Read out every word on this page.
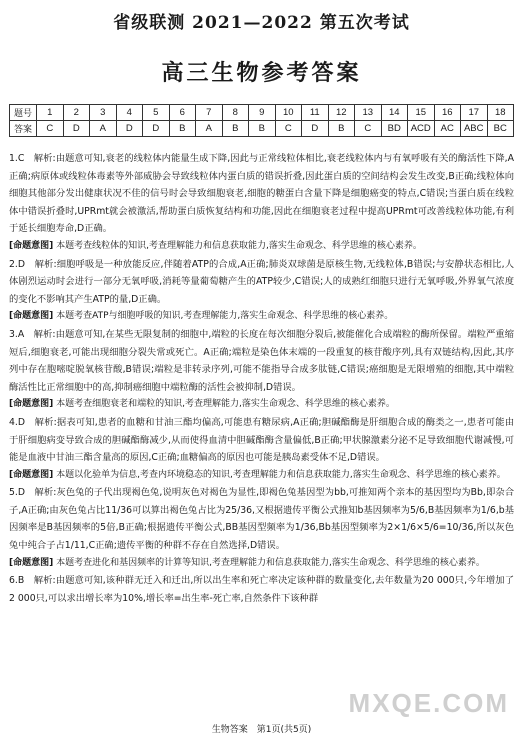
省级联测 2021—2022 第五次考试
高三生物参考答案
题号	1	2	3	4	5	6	7	8	9	10	11	12	13	14	15	16	17	18
答案	C	D	A	D	D	B	A	B	B	C	D	B	C	BD	ACD	AC	ABC	BC

1.C　解析:由题意可知,衰老的线粒体内能量生成下降,因此与正常线粒体相比,衰老线粒体内与有氧呼吸有关的酶活性下降,A正确;病原体或线粒体毒素等外部威胁会导致线粒体内蛋白质的错误折叠,因此蛋白质的空间结构会发生改变,B正确;线粒体向细胞其他部分发出健康状况不佳的信号时会导致细胞衰老,细胞的糖蛋白含量下降是细胞癌变的特点,C错误;当蛋白质在线粒体中错误折叠时,UPRmt就会被激活,帮助蛋白质恢复结构和功能,因此在细胞衰老过程中提高UPRmt可改善线粒体功能,有利于延长细胞寿命,D正确。

[命题意图] 本题考查线粒体的知识,考查理解能力和信息获取能力,落实生命观念、科学思维的核心素养。

2.D　解析:细胞呼吸是一种放能反应,伴随着ATP的合成,A正确;肺炎双球菌是原核生物,无线粒体,B错误;与安静状态相比,人体剧烈运动时会进行一部分无氧呼吸,消耗等量葡萄糖产生的ATP较少,C错误;人的成熟红细胞只进行无氧呼吸,外界氧气浓度的变化不影响其产生ATP的量,D正确。

[命题意图] 本题考查ATP与细胞呼吸的知识,考查理解能力,落实生命观念、科学思维的核心素养。

3.A　解析:由题意可知,在某些无限复制的细胞中,端粒的长度在每次细胞分裂后,被能催化合成端粒的酶所保留。端粒严重缩短后,细胞衰老,可能出现细胞分裂失常或死亡。A正确;端粒是染色体末端的一段重复的核苷酸序列,具有双链结构,因此,其序列中存在胞嘧啶脱氧核苷酸,B错误;端粒是非转录序列,可能不能指导合成多肽链,C错误;癌细胞是无限增殖的细胞,其中端粒酶活性比正常细胞中的高,抑制癌细胞中端粒酶的活性会被抑制,D错误。

[命题意图] 本题考查细胞衰老和端粒的知识,考查理解能力,落实生命观念、科学思维的核心素养。

4.D　解析:据表可知,患者的血糖和甘油三酯均偏高,可能患有糖尿病,A正确;胆碱酯酶是肝细胞合成的酶类之一,患者可能由于肝细胞病变导致合成的胆碱酯酶减少,从而使得血清中胆碱酯酶含量偏低,B正确;甲状腺激素分泌不足导致细胞代谢减慢,可能是血液中甘油三酯含量高的原因,C正确;血糖偏高的原因也可能是胰岛素受体不足,D错误。

[命题意图] 本题以化验单为信息,考查内环境稳态的知识,考查理解能力和信息获取能力,落实生命观念、科学思维的核心素养。

5.D　解析:灰色兔的子代出现褐色兔,说明灰色对褐色为显性,即褐色兔基因型为bb,可推知两个亲本的基因型均为Bb,即杂合子,A正确;由灰色兔占比11/36可以算出褐色兔占比为25/36,又根据遗传平衡公式推知b基因频率为5/6,B基因频率为1/6,b基因频率是B基因频率的5倍,B正确;根据遗传平衡公式,BB基因型频率为1/36,Bb基因型频率为2×1/6×5/6=10/36,所以灰色兔中纯合子占1/11,C正确;遗传平衡的种群不存在自然选择,D错误。

[命题意图] 本题考查进化和基因频率的计算等知识,考查理解能力和信息获取能力,落实生命观念、科学思维的核心素养。

6.B　解析:由题意可知,该种群无迁入和迁出,所以出生率和死亡率决定该种群的数量变化,去年数量为20 000只,今年增加了2 000只,可以求出增长率为10%,增长率=出生率-死亡率,自然条件下该种群

MXQE.COM
生物答案　第1页(共5页)
